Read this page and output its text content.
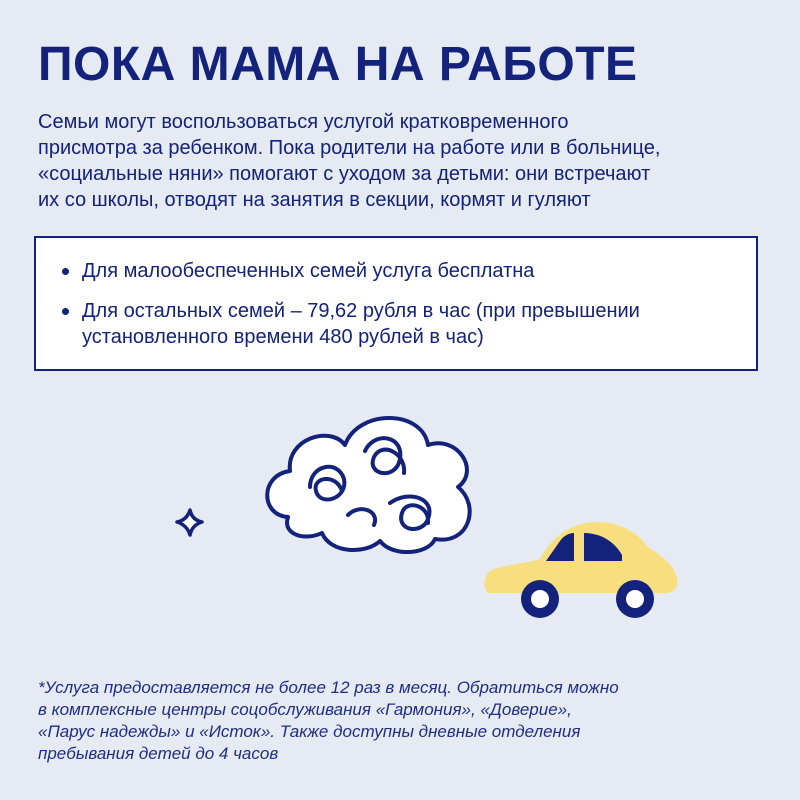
ПОКА МАМА НА РАБОТЕ

Семьи могут воспользоваться услугой кратковременного
присмотра за ребенком. Пока родители на работе или в больнице,
«социальные няни» помогают с уходом за детьми: они встречают
их со школы, отводят на занятия в секции, кормят и гуляют

Для малообеспеченных семей услуга бесплатна
Для остальных семей – 79,62 рубля в час (при превышении
установленного времени 480 рублей в час)

*Услуга предоставляется не более 12 раз в месяц. Обратиться можно
в комплексные центры соцобслуживания «Гармония», «Доверие»,
«Парус надежды» и «Исток». Также доступны дневные отделения
пребывания детей до 4 часов
